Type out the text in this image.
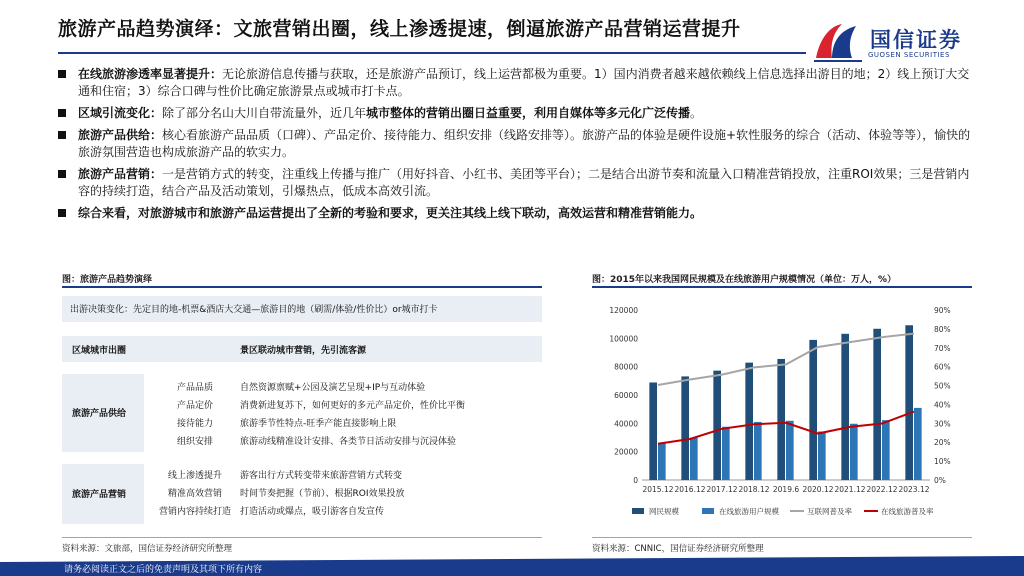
旅游产品趋势演绎：文旅营销出圈，线上渗透提速，倒逼旅游产品营销运营提升	国信证券
GUOSEN SECURITIES
在线旅游渗透率显著提升：无论旅游信息传播与获取，还是旅游产品预订，线上运营都极为重要。1）国内消费者越来越依赖线上信息选择出游目的地；2）线上预订大交通和住宿；3）综合口碑与性价比确定旅游景点或城市打卡点。
区域引流变化：除了部分名山大川自带流量外，近几年城市整体的营销出圈日益重要，利用自媒体等多元化广泛传播。
旅游产品供给：核心看旅游产品品质（口碑）、产品定价、接待能力、组织安排（线路安排等）。旅游产品的体验是硬件设施+软性服务的综合（活动、体验等等），愉快的旅游氛围营造也构成旅游产品的软实力。
旅游产品营销：一是营销方式的转变，注重线上传播与推广（用好抖音、小红书、美团等平台）；二是结合出游节奏和流量入口精准营销投放，注重ROI效果；三是营销内容的持续打造，结合产品及活动策划，引爆热点，低成本高效引流。
综合来看，对旅游城市和旅游产品运营提出了全新的考验和要求，更关注其线上线下联动，高效运营和精准营销能力。
图：旅游产品趋势演绎
出游决策变化：先定目的地-机票&酒店大交通—旅游目的地（刷需/体验/性价比）or城市打卡
区域城市出圈	景区联动城市营销，先引流客源
旅游产品供给
产品品质	自然资源禀赋+公园及演艺呈现+IP与互动体验
产品定价	消费新进复苏下，如何更好的多元产品定价，性价比平衡
接待能力	旅游季节性特点-旺季产能直接影响上限
组织安排	旅游动线精准设计安排、各类节日活动安排与沉浸体验
旅游产品营销
线上渗透提升	游客出行方式转变带来旅游营销方式转变
精准高效营销	时间节奏把握（节前）、根据ROI效果投放
营销内容持续打造	打造活动或爆点，吸引游客自发宣传
资料来源：文旅部，国信证券经济研究所整理
图：2015年以来我国网民规模及在线旅游用户规模情况（单位：万人，%）
0
20000
40000
60000
80000
100000
120000
0%
10%
20%
30%
40%
50%
60%
70%
80%
90%
2015.12 2016.12 2017.12 2018.12 2019.6 2020.12 2021.12 2022.12 2023.12
网民规模	在线旅游用户规模	互联网普及率	在线旅游普及率
资料来源：CNNIC，国信证券经济研究所整理
请务必阅读正文之后的免责声明及其项下所有内容
